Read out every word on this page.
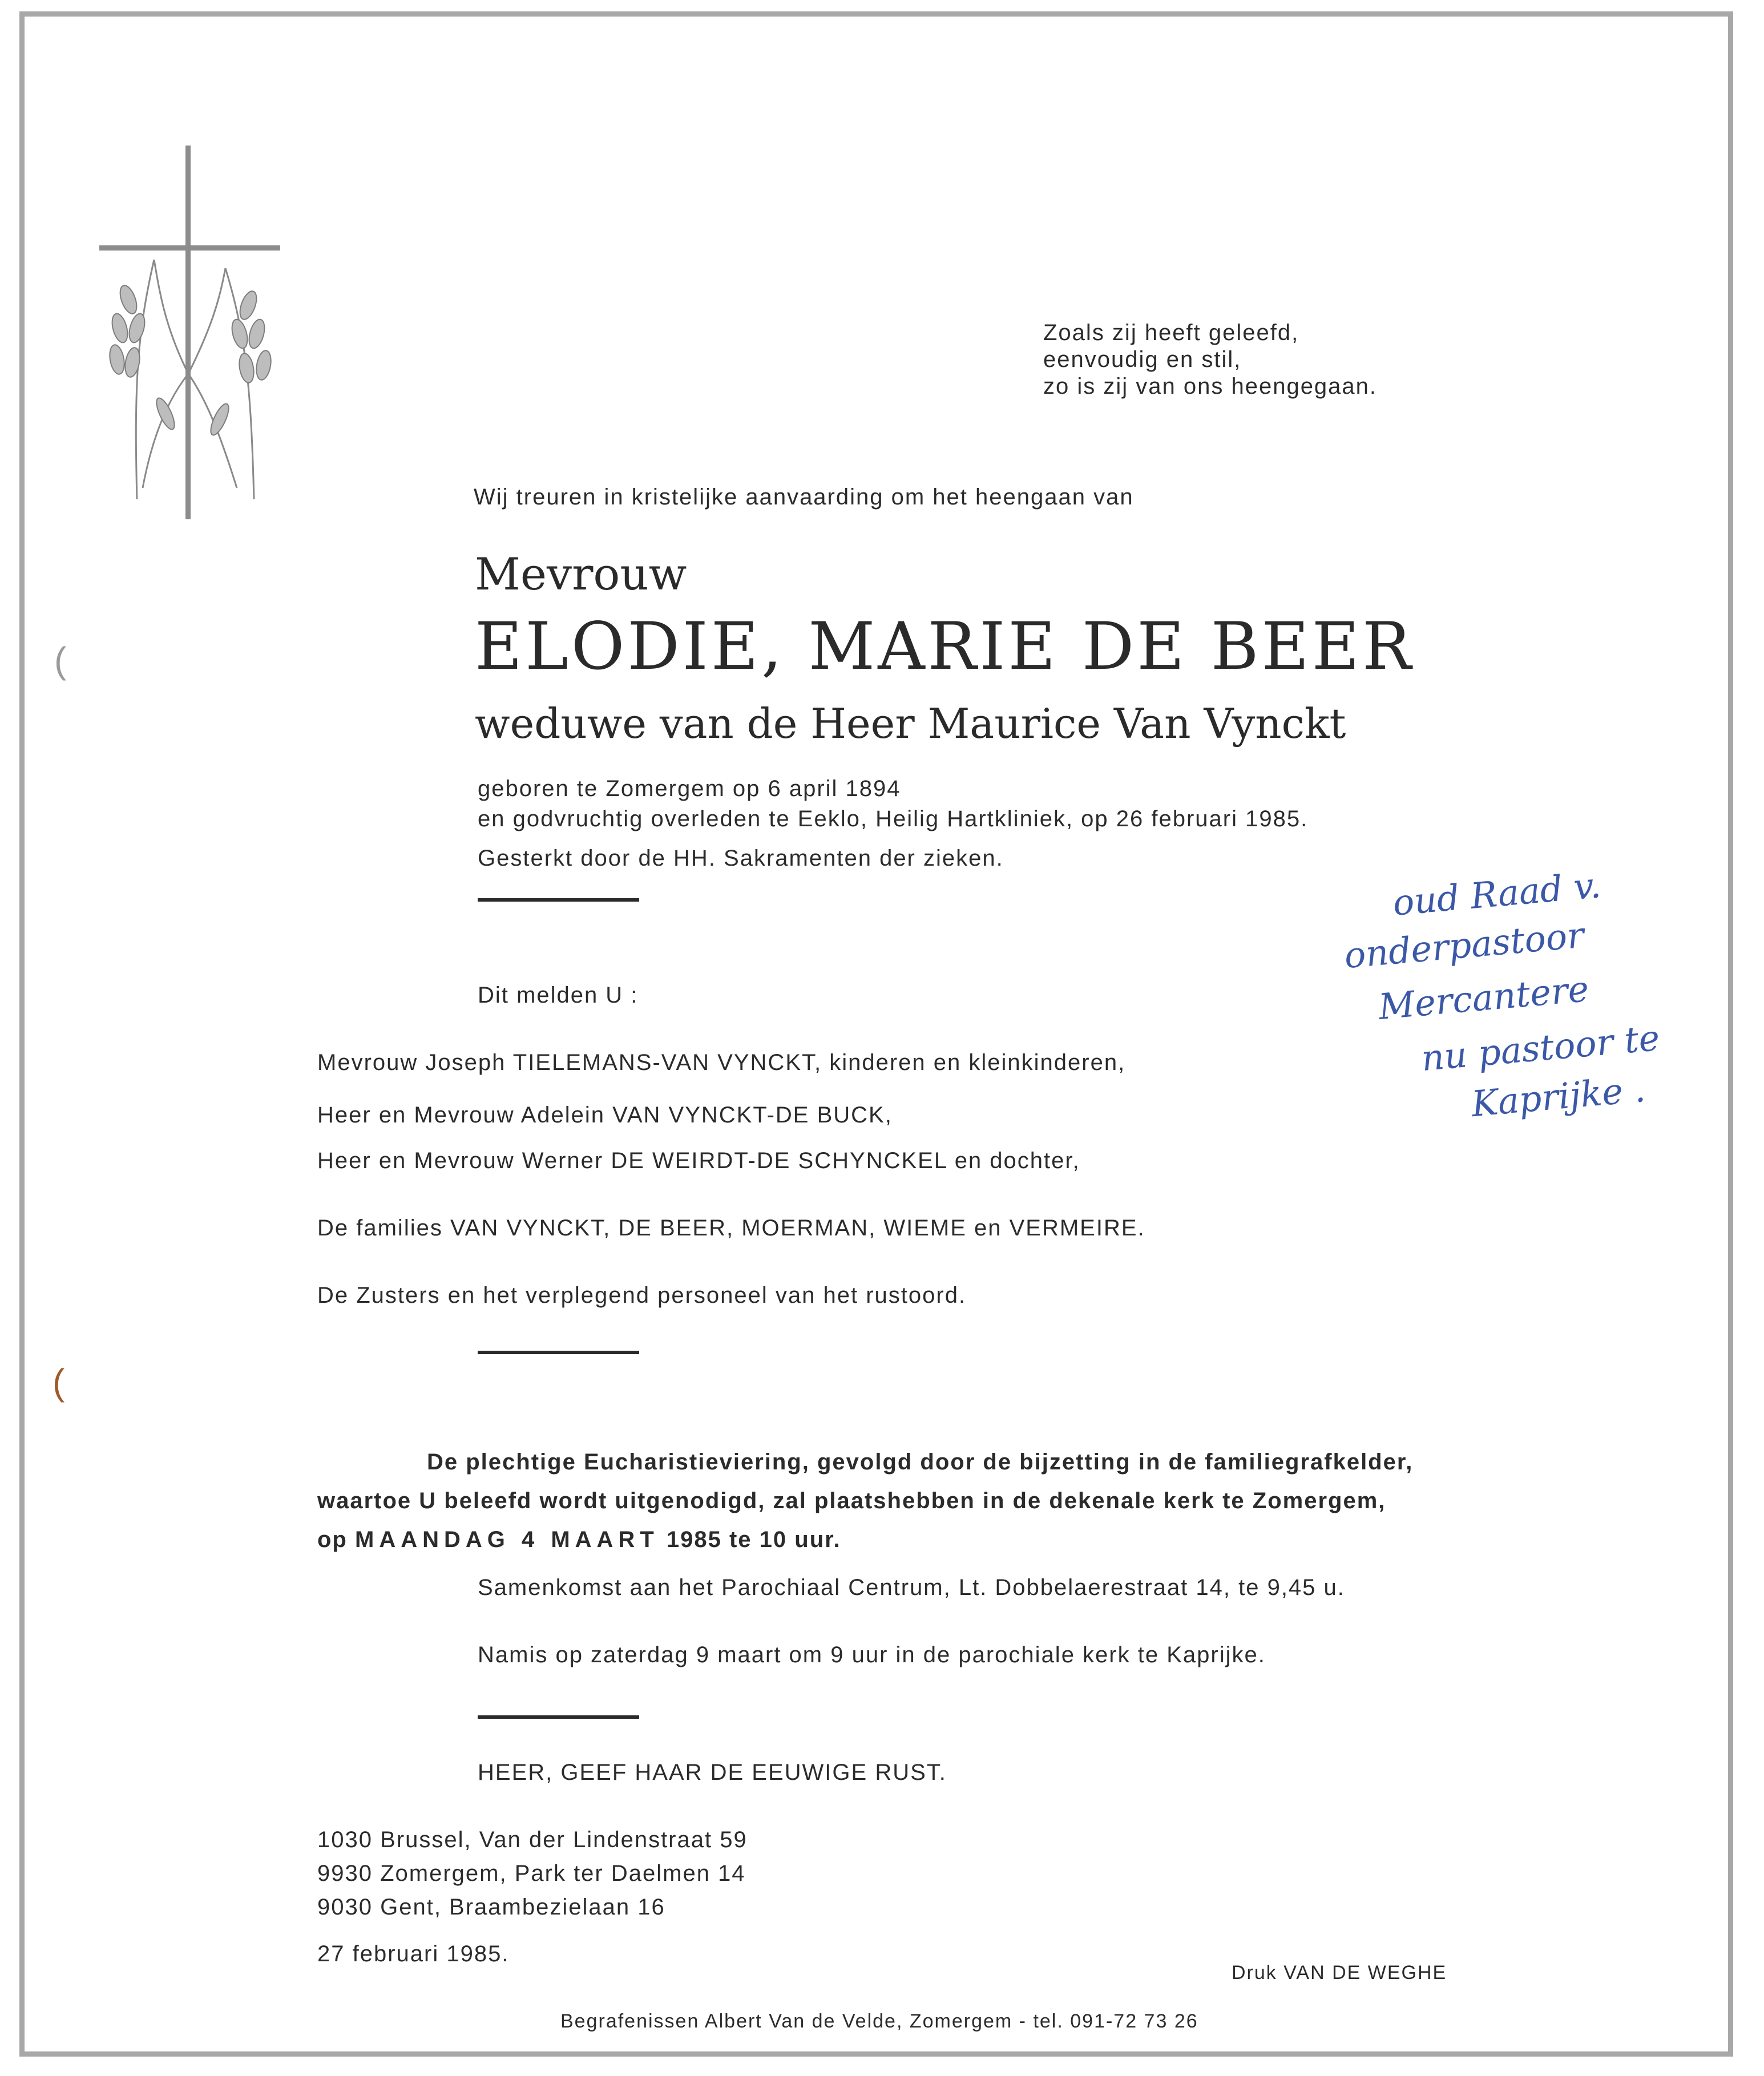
(
(
Zoals zij heeft geleefd,
eenvoudig en stil,
zo is zij van ons heengegaan.
Wij treuren in kristelijke aanvaarding om het heengaan van
Mevrouw
ELODIE, MARIE DE BEER
weduwe van de Heer Maurice Van Vynckt
geboren te Zomergem op 6 april 1894
en godvruchtig overleden te Eeklo, Heilig Hartkliniek, op 26 februari 1985.
Gesterkt door de HH. Sakramenten der zieken.
Dit melden U :
Mevrouw Joseph TIELEMANS-VAN VYNCKT, kinderen en kleinkinderen,
Heer en Mevrouw Adelein VAN VYNCKT-DE BUCK,
Heer en Mevrouw Werner DE WEIRDT-DE SCHYNCKEL en dochter,
De families VAN VYNCKT, DE BEER, MOERMAN, WIEME en VERMEIRE.
De Zusters en het verplegend personeel van het rustoord.
De plechtige Eucharistieviering, gevolgd door de bijzetting in de familiegrafkelder,
waartoe U beleefd wordt uitgenodigd, zal plaatshebben in de dekenale kerk te Zomergem,
op MAANDAG 4 MAART 1985 te 10 uur.
Samenkomst aan het Parochiaal Centrum, Lt. Dobbelaerestraat 14, te 9,45 u.
Namis op zaterdag 9 maart om 9 uur in de parochiale kerk te Kaprijke.
HEER, GEEF HAAR DE EEUWIGE RUST.
1030 Brussel, Van der Lindenstraat 59
9930 Zomergem, Park ter Daelmen 14
9030 Gent, Braambezielaan 16
27 februari 1985.
Druk VAN DE WEGHE
Begrafenissen Albert Van de Velde, Zomergem - tel. 091-72 73 26
oud Raad v.
onderpastoor
Mercantere
nu pastoor te
Kaprijke .
